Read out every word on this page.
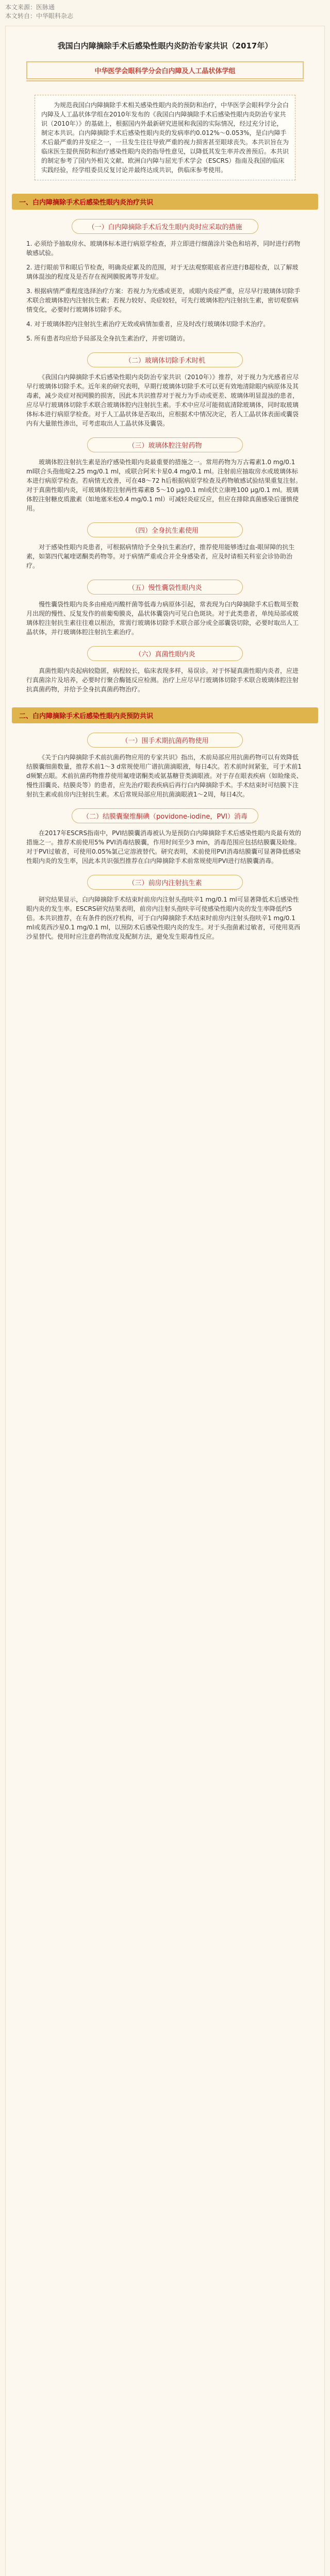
本文来源：医脉通
本文转自：中华眼科杂志
我国白内障摘除手术后感染性眼内炎防治专家共识（2017年）
中华医学会眼科学分会白内障及人工晶状体学组
为规范我国白内障摘除手术相关感染性眼内炎的预防和治疗，中华医学会眼科学分会白内障及人工晶状体学组在2010年发布的《我国白内障摘除手术后感染性眼内炎防治专家共识（2010年）》的基础上，根据国内外最新研究进展和我国的实际情况，经过充分讨论，制定本共识。白内障摘除手术后感染性眼内炎的发病率约0.012%～0.053%，是白内障手术后最严重的并发症之一，一旦发生往往导致严重的视力损害甚至眼球丧失。本共识旨在为临床医生提供预防和治疗感染性眼内炎的指导性意见，以降低其发生率并改善预后。本共识的制定参考了国内外相关文献、欧洲白内障与屈光手术学会（ESCRS）指南及我国的临床实践经验，经学组委员反复讨论并最终达成共识，供临床参考使用。
一、白内障摘除手术后感染性眼内炎治疗共识
（一）白内障摘除手术后发生眼内炎时应采取的措施
1. 必须给予抽取房水、玻璃体标本进行病原学检查，并立即进行细菌涂片染色和培养，同时进行药物敏感试验。
2. 进行眼前节和眼后节检查，明确炎症累及的范围，对于无法观察眼底者应进行B超检查，以了解玻璃体混浊的程度及是否存在视网膜脱离等并发症。
3. 根据病情严重程度选择治疗方案：若视力为光感或更差，或眼内炎症严重，应尽早行玻璃体切除手术联合玻璃体腔内注射抗生素；若视力较好、炎症较轻，可先行玻璃体腔内注射抗生素，密切观察病情变化，必要时行玻璃体切除手术。
4. 对于玻璃体腔内注射抗生素治疗无效或病情加重者，应及时改行玻璃体切除手术治疗。
5. 所有患者均应给予局部及全身抗生素治疗，并密切随访。
（二）玻璃体切除手术时机
《我国白内障摘除手术后感染性眼内炎防治专家共识（2010年）》推荐，对于视力为光感者应尽早行玻璃体切除手术。近年来的研究表明，早期行玻璃体切除手术可以更有效地清除眼内病原体及其毒素，减少炎症对视网膜的损害，因此本共识推荐对于视力为手动或更差、玻璃体明显混浊的患者，应尽早行玻璃体切除手术联合玻璃体腔内注射抗生素。手术中应尽可能彻底清除玻璃体，同时取玻璃体标本进行病原学检查。对于人工晶状体是否取出，应根据术中情况决定，若人工晶状体表面或囊袋内有大量脓性渗出，可考虑取出人工晶状体及囊袋。
（三）玻璃体腔注射药物
玻璃体腔注射抗生素是治疗感染性眼内炎最重要的措施之一。常用药物为万古霉素1.0 mg/0.1 ml联合头孢他啶2.25 mg/0.1 ml，或联合阿米卡星0.4 mg/0.1 ml。注射前应抽取房水或玻璃体标本进行病原学检查。若病情无改善，可在48～72 h后根据病原学检查及药物敏感试验结果重复注射。对于真菌性眼内炎，可玻璃体腔注射两性霉素B 5～10 μg/0.1 ml或伏立康唑100 μg/0.1 ml。玻璃体腔注射糖皮质激素（如地塞米松0.4 mg/0.1 ml）可减轻炎症反应，但应在排除真菌感染后谨慎使用。
（四）全身抗生素使用
对于感染性眼内炎患者，可根据病情给予全身抗生素治疗，推荐使用能够透过血-眼屏障的抗生素，如第四代氟喹诺酮类药物等。对于病情严重或合并全身感染者，应及时请相关科室会诊协助治疗。
（五）慢性囊袋性眼内炎
慢性囊袋性眼内炎多由痤疮丙酸杆菌等低毒力病原体引起，常表现为白内障摘除手术后数周至数月出现的慢性、反复发作的前葡萄膜炎，晶状体囊袋内可见白色斑块。对于此类患者，单纯局部或玻璃体腔注射抗生素往往难以根治，常需行玻璃体切除手术联合部分或全部囊袋切除，必要时取出人工晶状体，并行玻璃体腔注射抗生素治疗。
（六）真菌性眼内炎
真菌性眼内炎起病较隐匿，病程较长，临床表现多样，易误诊。对于怀疑真菌性眼内炎者，应进行真菌涂片及培养，必要时行聚合酶链反应检测。治疗上应尽早行玻璃体切除手术联合玻璃体腔注射抗真菌药物，并给予全身抗真菌药物治疗。
二、白内障摘除手术后感染性眼内炎预防共识
（一）围手术期抗菌药物使用
《关于白内障摘除手术前抗菌药物应用的专家共识》指出，术前局部应用抗菌药物可以有效降低结膜囊细菌数量，推荐术前1～3 d常规使用广谱抗菌滴眼液，每日4次。若术前时间紧张，可于术前1 d频繁点眼。术前抗菌药物推荐使用氟喹诺酮类或氨基糖苷类滴眼液。对于存在眼表疾病（如睑缘炎、慢性泪囊炎、结膜炎等）的患者，应先治疗眼表疾病后再行白内障摘除手术。手术结束时可结膜下注射抗生素或前房内注射抗生素。术后常规局部应用抗菌滴眼液1～2周，每日4次。
（二）结膜囊聚维酮碘（povidone-iodine，PVI）消毒
在2017年ESCRS指南中，PVI结膜囊消毒被认为是预防白内障摘除手术后感染性眼内炎最有效的措施之一。推荐术前使用5% PVI消毒结膜囊，作用时间至少3 min，消毒范围应包括结膜囊及睑缘。对于PVI过敏者，可使用0.05%氯己定溶液替代。研究表明，术前使用PVI消毒结膜囊可显著降低感染性眼内炎的发生率，因此本共识强烈推荐在白内障摘除手术前常规使用PVI进行结膜囊消毒。
（三）前房内注射抗生素
研究结果显示，白内障摘除手术结束时前房内注射头孢呋辛1 mg/0.1 ml可显著降低术后感染性眼内炎的发生率。ESCRS研究结果表明，前房内注射头孢呋辛可使感染性眼内炎的发生率降低约5倍。本共识推荐，在有条件的医疗机构，可于白内障摘除手术结束时前房内注射头孢呋辛1 mg/0.1 ml或莫西沙星0.1 mg/0.1 ml，以预防术后感染性眼内炎的发生。对于头孢菌素过敏者，可使用莫西沙星替代。使用时应注意药物浓度及配制方法，避免发生眼毒性反应。
